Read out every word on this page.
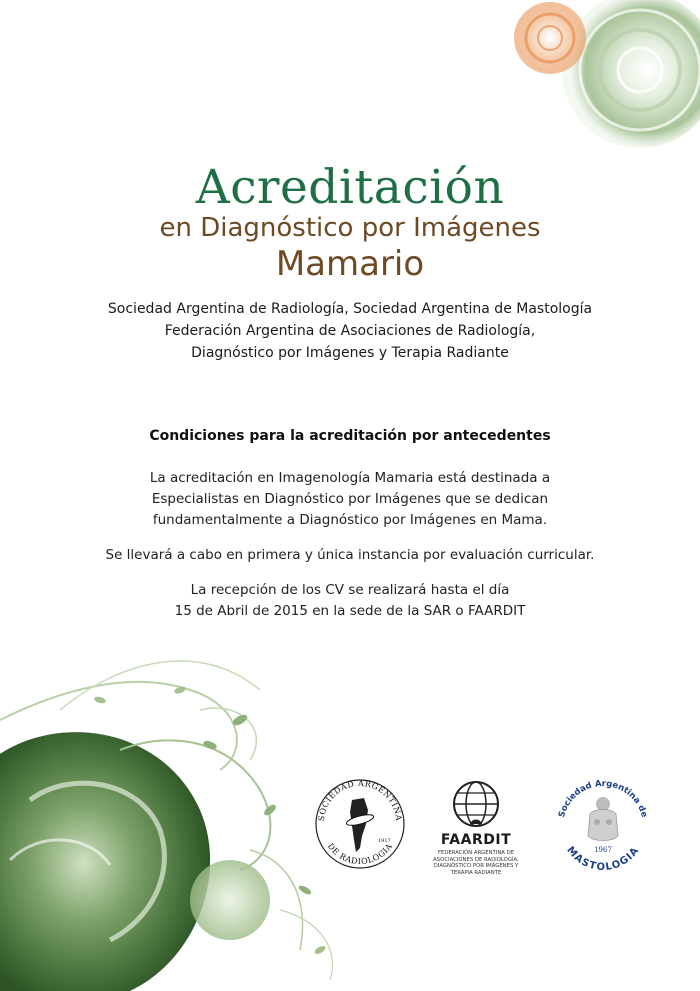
Acreditación
en Diagnóstico por Imágenes
Mamario
Sociedad Argentina de Radiología, Sociedad Argentina de Mastología
Federación Argentina de Asociaciones de Radiología,
Diagnóstico por Imágenes y Terapia Radiante
Condiciones para la acreditación por antecedentes
La acreditación en Imagenología Mamaria está destinada a
Especialistas en Diagnóstico por Imágenes que se dedican
fundamentalmente a Diagnóstico por Imágenes en Mama.
Se llevará a cabo en primera y única instancia por evaluación curricular.
La recepción de los CV se realizará hasta el día
15 de Abril de 2015 en la sede de la SAR o FAARDIT
SOCIEDAD ARGENTINA
DE RADIOLOGIA
1917	FAARDIT
FEDERACIÓN ARGENTINA DE
ASOCIACIONES DE RADIOLOGÍA,
DIAGNÓSTICO POR IMÁGENES Y
TERAPIA RADIANTE
Sociedad Argentina de
MASTOLOGIA
1967
